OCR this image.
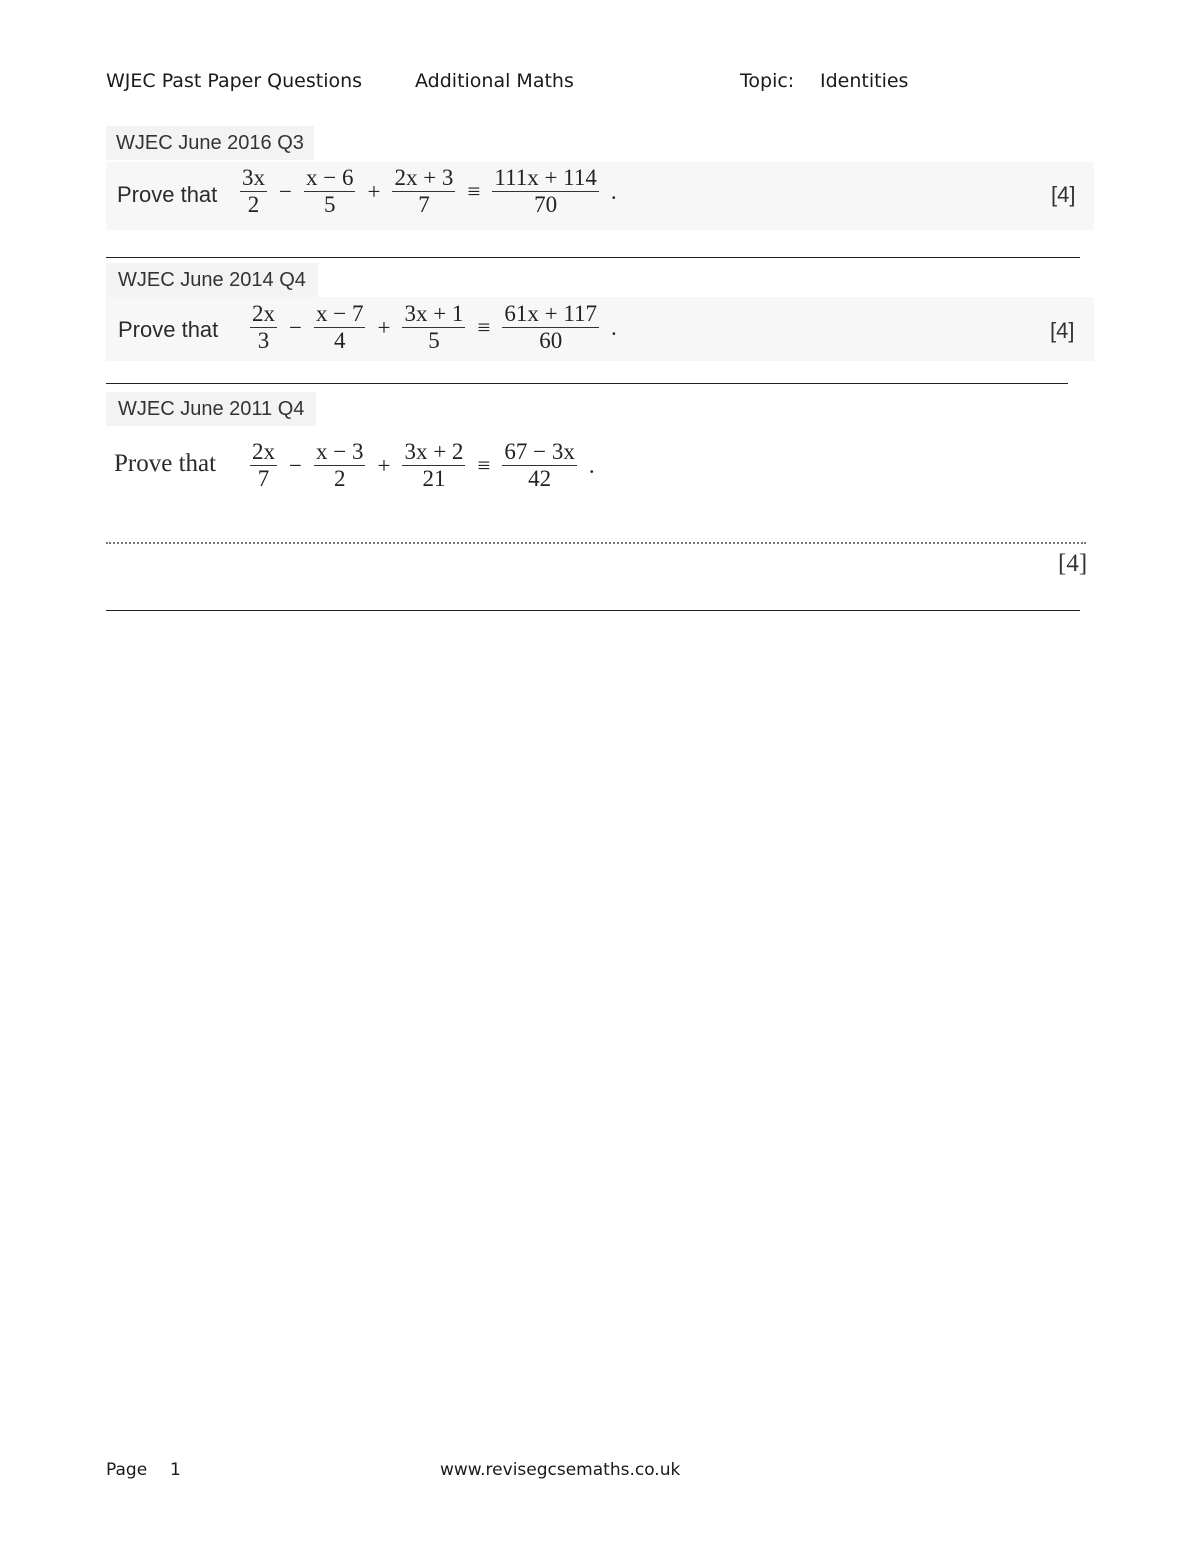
WJEC Past Paper Questions	Additional Maths	Topic: Identities
WJEC June 2016 Q3
Prove that $\frac{3x}{2} - \frac{x - 6}{5} + \frac{2x + 3}{7} \equiv \frac{111x + 114}{70}$ .	[4]
WJEC June 2014 Q4
Prove that $\frac{2x}{3} - \frac{x - 7}{4} + \frac{3x + 1}{5} \equiv \frac{61x + 117}{60}$ .	[4]
WJEC June 2011 Q4
Prove that $\frac{2x}{7} - \frac{x - 3}{2} + \frac{3x + 2}{21} \equiv \frac{67 - 3x}{42}$ .
[4]
Page 1	www.revisegcsemaths.co.uk
